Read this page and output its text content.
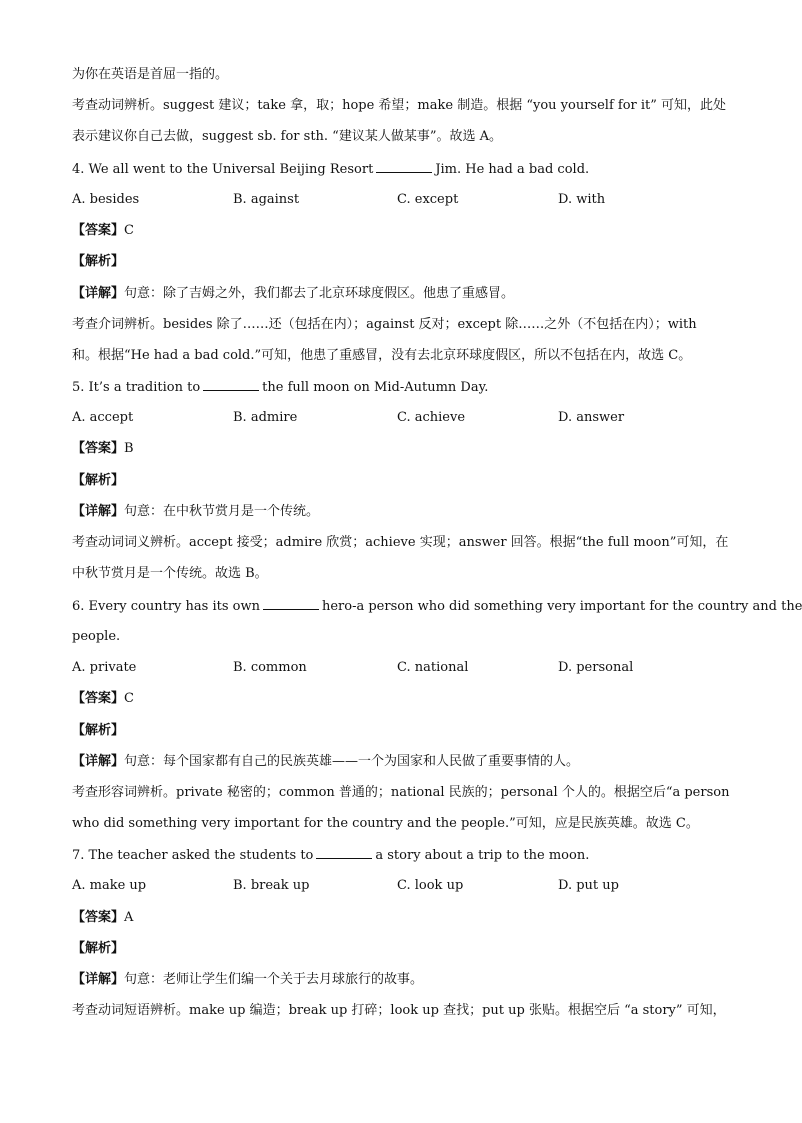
为你在英语是首屈一指的。
考查动词辨析。suggest 建议；take 拿，取；hope 希望；make 制造。根据 “you yourself for it” 可知，此处
表示建议你自己去做，suggest sb. for sth. “建议某人做某事”。故选 A。
4. We all went to the Universal Beijing Resort	Jim. He had a bad cold.
A. besides	B. against	C. except	D. with
【答案】C
【解析】
【详解】句意：除了吉姆之外，我们都去了北京环球度假区。他患了重感冒。
考查介词辨析。besides 除了……还（包括在内）；against 反对；except 除……之外（不包括在内）；with
和。根据“He had a bad cold.”可知，他患了重感冒，没有去北京环球度假区，所以不包括在内，故选 C。
5. It’s a tradition to	the full moon on Mid-Autumn Day.
A. accept	B. admire	C. achieve	D. answer
【答案】B
【解析】
【详解】句意：在中秋节赏月是一个传统。
考查动词词义辨析。accept 接受；admire 欣赏；achieve 实现；answer 回答。根据“the full moon”可知，在
中秋节赏月是一个传统。故选 B。
6. Every country has its own	hero-a person who did something very important for the country and the
people.
A. private	B. common	C. national	D. personal
【答案】C
【解析】
【详解】句意：每个国家都有自己的民族英雄——一个为国家和人民做了重要事情的人。
考查形容词辨析。private 秘密的；common 普通的；national 民族的；personal 个人的。根据空后“a person
who did something very important for the country and the people.”可知，应是民族英雄。故选 C。
7. The teacher asked the students to	a story about a trip to the moon.
A. make up	B. break up	C. look up	D. put up
【答案】A
【解析】
【详解】句意：老师让学生们编一个关于去月球旅行的故事。
考查动词短语辨析。make up 编造；break up 打碎；look up 查找；put up 张贴。根据空后 “a story” 可知，
